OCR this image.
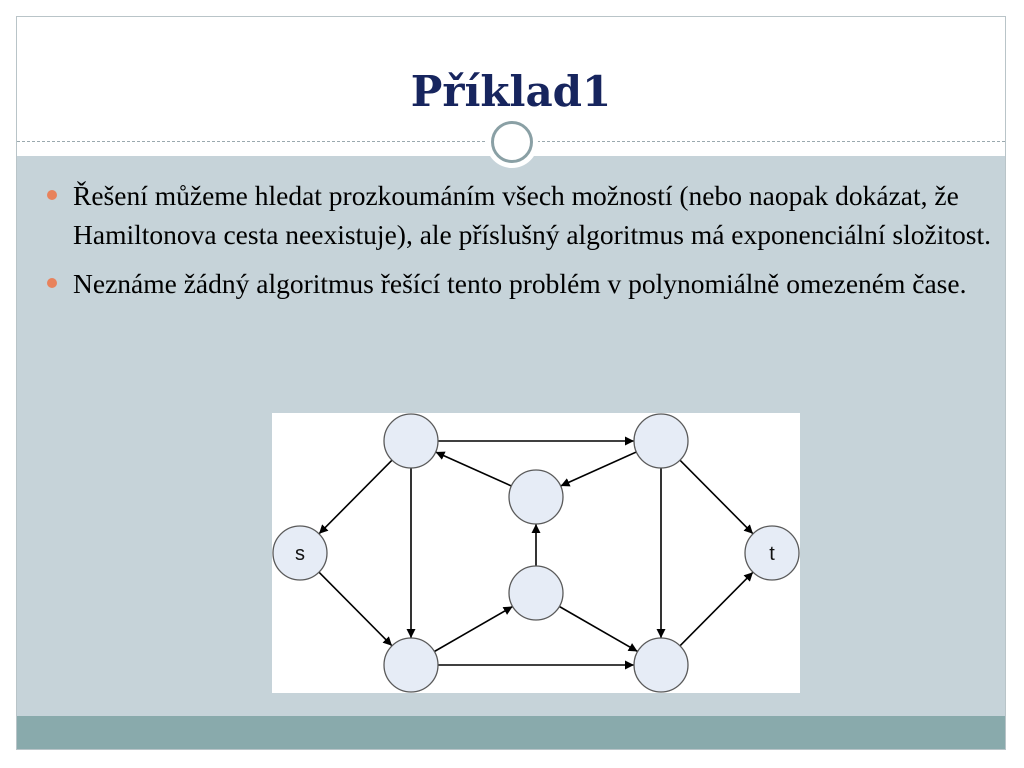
Příklad1
Řešení můžeme hledat prozkoumáním všech možností (nebo naopak dokázat, že Hamiltonova cesta neexistuje), ale příslušný algoritmus má exponenciální složitost.
Neznáme žádný algoritmus řešící tento problém v polynomiálně omezeném čase.
s	t
